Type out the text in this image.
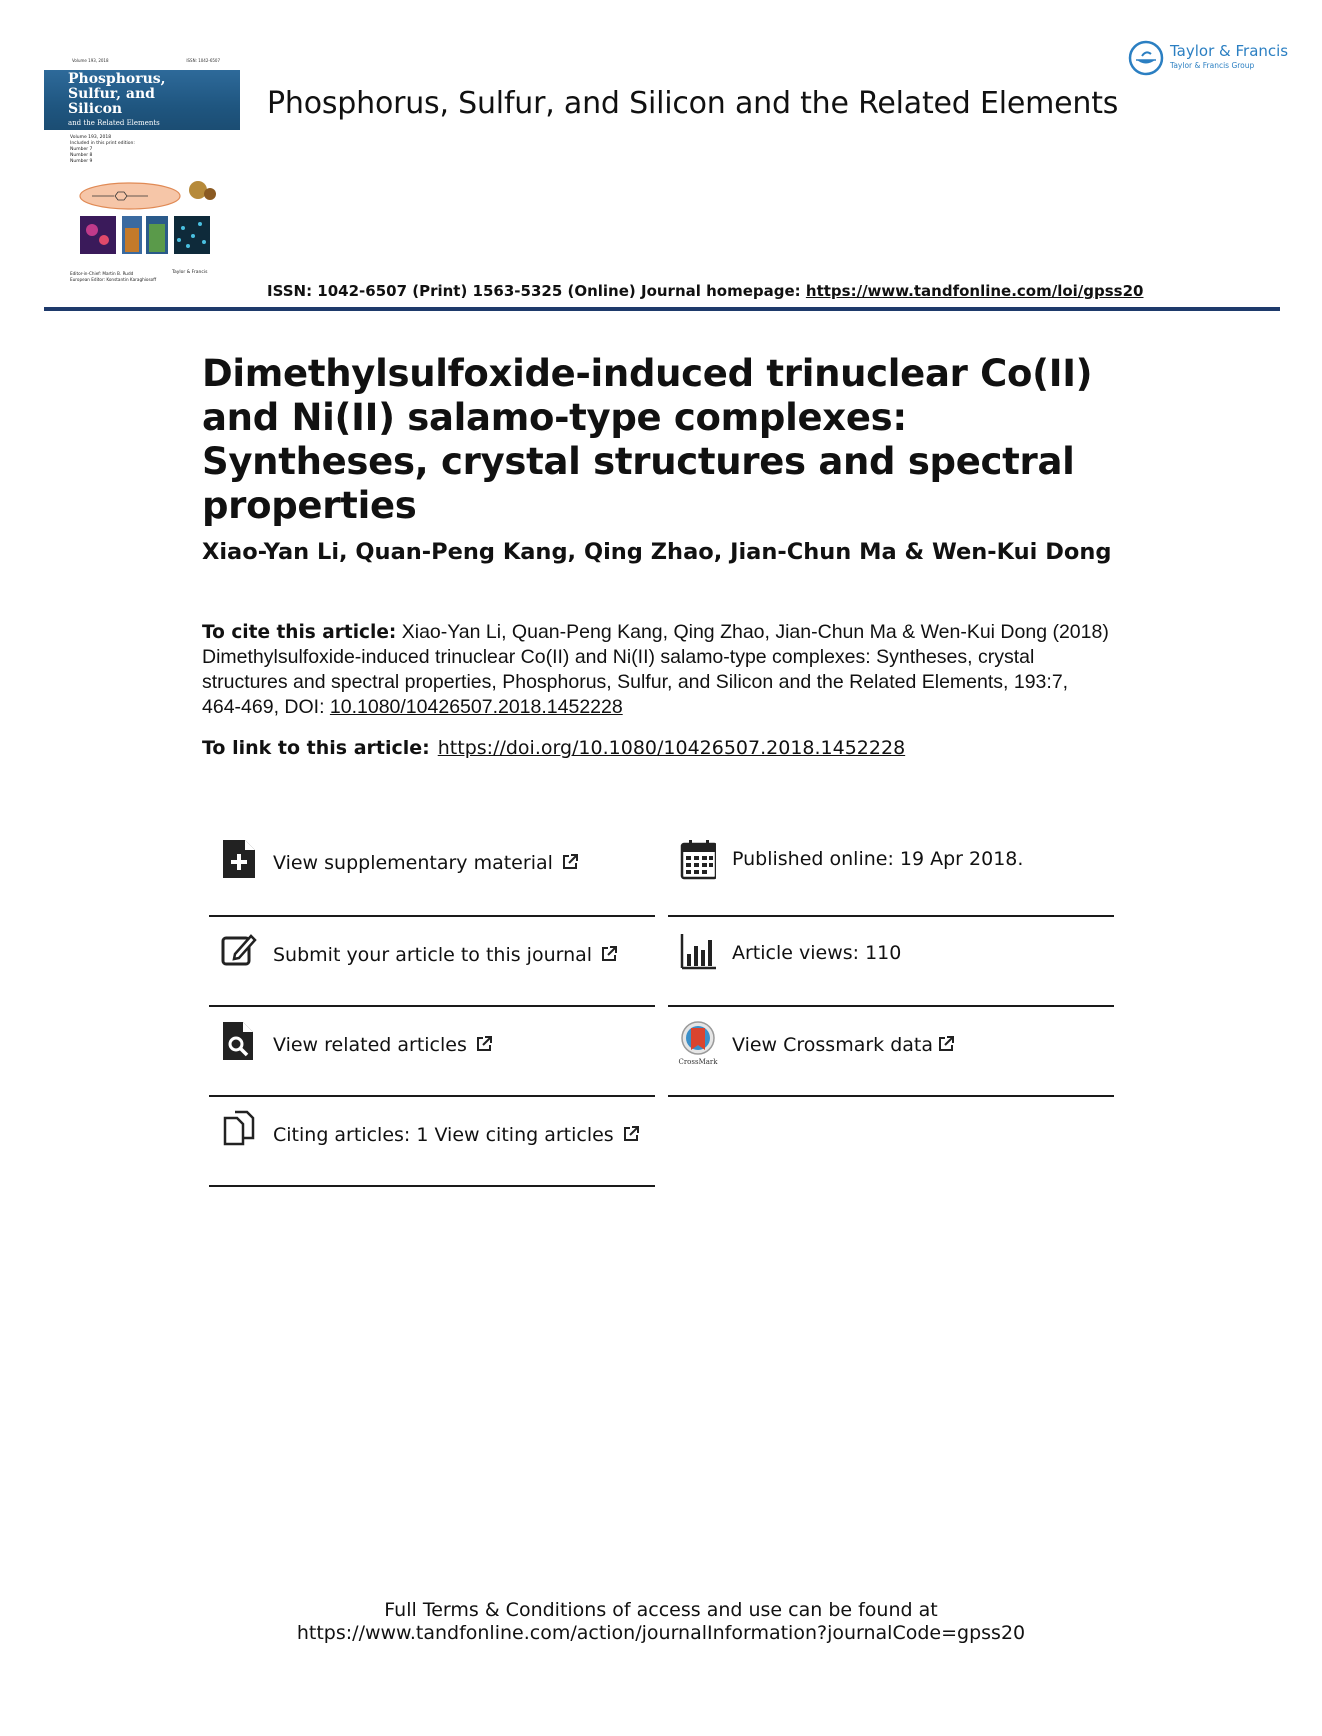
Volume 193, 2018	ISSN: 1042-6507
Phosphorus,
Sulfur, and
Silicon
and the Related Elements
Volume 193, 2018
Included in this print edition:
Number 7
Number 8
Number 9
Editor-in-Chief: Martin B. Rudd
European Editor: Konstantin Karaghiosoff
Taylor & Francis
Phosphorus, Sulfur, and Silicon and the Related Elements
Taylor & Francis
Taylor & Francis Group
ISSN: 1042-6507 (Print) 1563-5325 (Online) Journal homepage: https://www.tandfonline.com/loi/gpss20
Dimethylsulfoxide-induced trinuclear Co(II) and Ni(II) salamo-type complexes: Syntheses, crystal structures and spectral properties
Xiao-Yan Li, Quan-Peng Kang, Qing Zhao, Jian-Chun Ma & Wen-Kui Dong
To cite this article: Xiao-Yan Li, Quan-Peng Kang, Qing Zhao, Jian-Chun Ma & Wen-Kui Dong (2018) Dimethylsulfoxide-induced trinuclear Co(II) and Ni(II) salamo-type complexes: Syntheses, crystal structures and spectral properties, Phosphorus, Sulfur, and Silicon and the Related Elements, 193:7, 464-469, DOI: 10.1080/10426507.2018.1452228
To link to this article: https://doi.org/10.1080/10426507.2018.1452228
View supplementary material
Submit your article to this journal
View related articles
Citing articles: 1 View citing articles
Published online: 19 Apr 2018.
Article views: 110
CrossMark
View Crossmark data
Full Terms & Conditions of access and use can be found at
https://www.tandfonline.com/action/journalInformation?journalCode=gpss20
